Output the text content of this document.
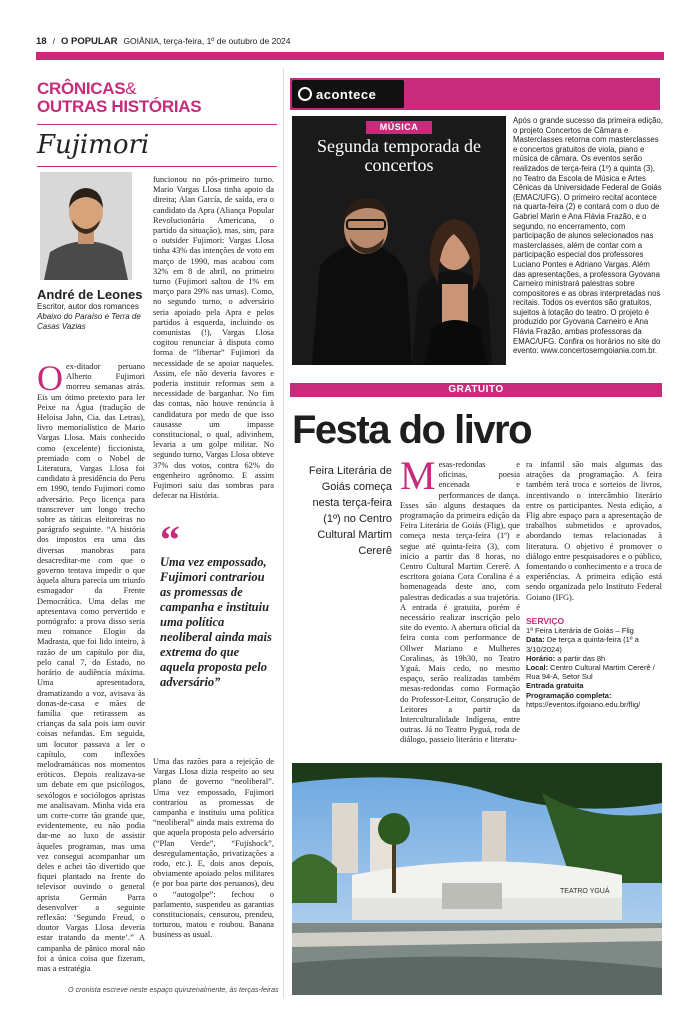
18 / O POPULAR GOIÂNIA, terça-feira, 1º de outubro de 2024
CRÔNICAS&
OUTRAS HISTÓRIAS
Fujimori
André de Leones
Escritor, autor dos romances Abaixo do Paraíso e Terra de Casas Vazias
Oex-ditador peruano Alberto Fujimori morreu semanas atrás. Eis um ótimo pretexto para ler Peixe na Água (tradução de Heloisa Jahn, Cia. das Letras), livro memorialístico de Mario Vargas Llosa. Mais conhecido como (excelente) ficcionista, premiado com o Nobel de Literatura, Vargas Llosa foi candidato à presidência do Peru em 1990, tendo Fujimori como adversário. Peço licença para transcrever um longo trecho sobre as táticas eleitoreiras no parágrafo seguinte. “A história dos impostos era uma das diversas manobras para desacreditar-me com que o governo tentava impedir o que àquela altura parecia um triunfo esmagador da Frente Democrática. Uma delas me apresentava como pervertido e pornógrafo: a prova disso seria meu romance Elogio da Madrasta, que foi lido inteiro, à razão de um capítulo por dia, pelo canal 7, do Estado, no horário de audiência máxima. Uma apresentadora, dramatizando a voz, avisava às donas-de-casa e mães de família que retirassem as crianças da sala pois iam ouvir coisas nefandas. Em seguida, um locutor passava a ler o capítulo, com inflexões melodramáticas nos momentos eróticos. Depois realizava-se um debate em que psicólogos, sexólogos e sociólogos apristas me analisavam. Minha vida era um corre-corre tão grande que, evidentemente, eu não podia dar-me ao luxo de assistir àqueles programas, mas uma vez consegui acompanhar um deles e achei tão divertido que fiquei plantado na frente do televisor ouvindo o general aprista Germán Parra desenvolver a seguinte reflexão: ‘Segundo Freud, o doutor Vargas Llosa deveria estar tratando da mente’.” A campanha de pânico moral não foi a única coisa que fizeram, mas a estratégia
funcionou no pós-primeiro turno. Mario Vargas Llosa tinha apoio da direita; Alan García, de saída, era o candidato da Apra (Aliança Popular Revolucionária Americana, o partido da situação), mas, sim, para o outsider Fujimori: Vargas Llosa tinha 43% das intenções de voto em março de 1990, mas acabou com 32% em 8 de abril, no primeiro turno (Fujimori saltou de 1% em março para 29% nas urnas). Como, no segundo turno, o adversário seria apoiado pela Apra e pelos partidos à esquerda, incluindo os comunistas (!), Vargas Llosa cogitou renunciar à disputa como forma de “libertar” Fujimori da necessidade de se apoiar naqueles. Assim, ele não deveria favores e poderia instituir reformas sem a necessidade de barganhar. No fim das contas, não houve renúncia à candidatura por medo de que isso causasse um impasse constitucional, o qual, adivinhem, levaria a um golpe militar. No segundo turno, Vargas Llosa obteve 37% dos votos, contra 62% do engenheiro agrônomo. E assim Fujimori saiu das sombras para defecar na História.
“
Uma vez empossado, Fujimori contrariou as promessas de campanha e instituiu uma política neoliberal ainda mais extrema do que aquela proposta pelo adversário”
Uma das razões para a rejeição de Vargas Llosa dizia respeito ao seu plano de governo “neoliberal”. Uma vez empossado, Fujimori contrariou as promessas de campanha e instituiu uma política “neoliberal” ainda mais extrema do que aquela proposta pelo adversário (“Plan Verde”, “Fujishock”, desregulamentação, privatizações a rodo, etc.). E, dois anos depois, obviamente apoiado pelos militares (e por boa parte dos peruanos), deu o “autogolpe”: fechou o parlamento, suspendeu as garantias constitucionais, censurou, prendeu, torturou, matou e roubou. Banana business as usual.
O cronista escreve neste espaço quinzenalmente, às terças-feiras
acontece
MÚSICA
Segunda temporada de concertos
Após o grande sucesso da primeira edição, o projeto Concertos de Câmara e Masterclasses retorna com masterclasses e concertos gratuitos de viola, piano e música de câmara. Os eventos serão realizados de terça-feira (1º) a quinta (3), no Teatro da Escola de Música e Artes Cênicas da Universidade Federal de Goiás (EMAC/UFG). O primeiro recital acontece na quarta-feira (2) e contará com o duo de Gabriel Marin e Ana Flávia Frazão, e o segundo, no encerramento, com participação de alunos selecionados nas masterclasses, além de contar com a participação especial dos professores Luciano Pontes e Adriano Vargas. Além das apresentações, a professora Gyovana Carneiro ministrará palestras sobre compositores e as obras interpretadas nos recitais. Todos os eventos são gratuitos, sujeitos à lotação do teatro. O projeto é produzido por Gyovana Carneiro e Ana Flávia Frazão, ambas professoras da EMAC/UFG. Confira os horários no site do evento: www.concertosemgoiania.com.br.
GRATUITO
Festa do livro
Feira Literária de Goiás começa nesta terça-feira (1º) no Centro Cultural Martim Cererê
Mesas-redondas e oficinas, poesia encenada e performances de dança. Esses são alguns destaques da programação da primeira edição da Feira Literária de Goiás (Flig), que começa nesta terça-feira (1º) e segue até quinta-feira (3), com início a partir das 8 horas, no Centro Cultural Martim Cererê. A escritora goiana Cora Coralina é a homenageada deste ano, com palestras dedicadas a sua trajetória. A entrada é gratuita, porém é necessário realizar inscrição pelo site do evento. A abertura oficial da feira conta com performance de Ollwer Mariano e Mulheres Coralinas, às 19h30, no Teatro Yguá. Mais cedo, no mesmo espaço, serão realizadas também mesas-redondas como Formação do Professor-Leitor, Construção de Leitores a partir da Interculturalidade Indígena, entre outras. Já no Teatro Pyguá, roda de diálogo, passeio literário e literatu-
ra infantil são mais algumas das atrações da programação. A feira também terá troca e sorteios de livros, incentivando o intercâmbio literário entre os participantes. Nesta edição, a Flig abre espaço para a apresentação de trabalhos submetidos e aprovados, abordando temas relacionadas à literatura. O objetivo é promover o diálogo entre pesquisadores e o público, fomentando o conhecimento e a troca de experiências. A primeira edição está sendo organizada pelo Instituto Federal Goiano (IFG).
SERVIÇO
1ª Feira Literária de Goiás – Flig
Data: De terça a quinta-feira (1º a 3/10/2024)
Horário: a partir das 8h
Local: Centro Cultural Martim Cererê / Rua 94-A, Setor Sul
Entrada gratuita
Programação completa:
https://eventos.ifgoiano.edu.br/flig/
TEATRO YGUÁ
